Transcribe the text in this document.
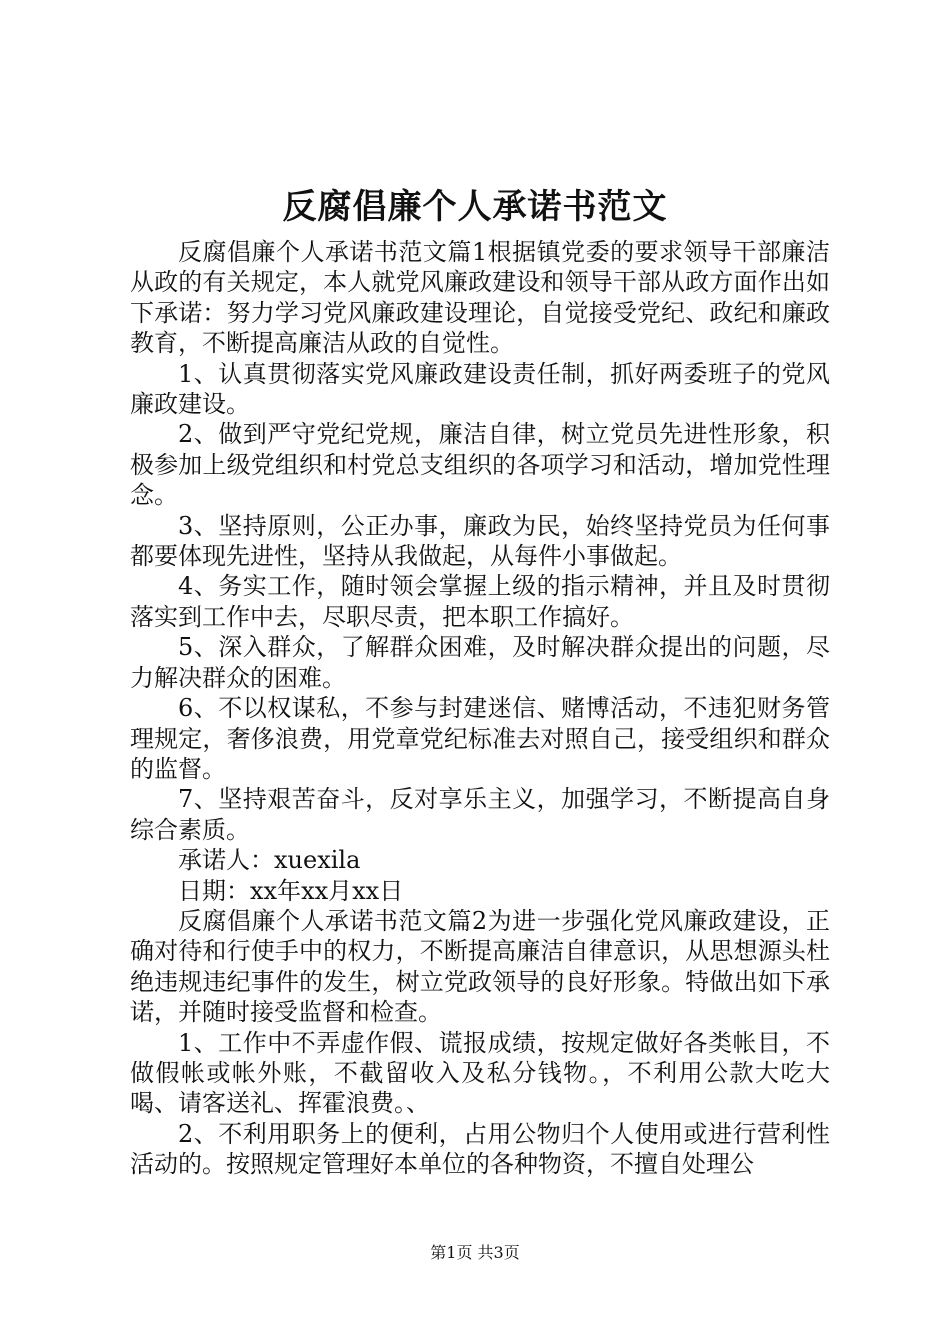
反腐倡廉个人承诺书范文

反腐倡廉个人承诺书范文篇1根据镇党委的要求领导干部廉洁从政的有关规定，本人就党风廉政建设和领导干部从政方面作出如下承诺：努力学习党风廉政建设理论，自觉接受党纪、政纪和廉政教育，不断提高廉洁从政的自觉性。

1、认真贯彻落实党风廉政建设责任制，抓好两委班子的党风廉政建设。

2、做到严守党纪党规，廉洁自律，树立党员先进性形象，积极参加上级党组织和村党总支组织的各项学习和活动，增加党性理念。

3、坚持原则，公正办事，廉政为民，始终坚持党员为任何事都要体现先进性，坚持从我做起，从每件小事做起。

4、务实工作，随时领会掌握上级的指示精神，并且及时贯彻落实到工作中去，尽职尽责，把本职工作搞好。

5、深入群众，了解群众困难，及时解决群众提出的问题，尽力解决群众的困难。

6、不以权谋私，不参与封建迷信、赌博活动，不违犯财务管理规定，奢侈浪费，用党章党纪标准去对照自己，接受组织和群众的监督。

7、坚持艰苦奋斗，反对享乐主义，加强学习，不断提高自身综合素质。

承诺人：xuexila

日期：xx年xx月xx日

反腐倡廉个人承诺书范文篇2为进一步强化党风廉政建设，正确对待和行使手中的权力，不断提高廉洁自律意识，从思想源头杜绝违规违纪事件的发生，树立党政领导的良好形象。特做出如下承诺，并随时接受监督和检查。

1、工作中不弄虚作假、谎报成绩，按规定做好各类帐目，不做假帐或帐外账，不截留收入及私分钱物。，不利用公款大吃大喝、请客送礼、挥霍浪费。、

2、不利用职务上的便利，占用公物归个人使用或进行营利性活动的。按照规定管理好本单位的各种物资，不擅自处理公

第1页 共3页
